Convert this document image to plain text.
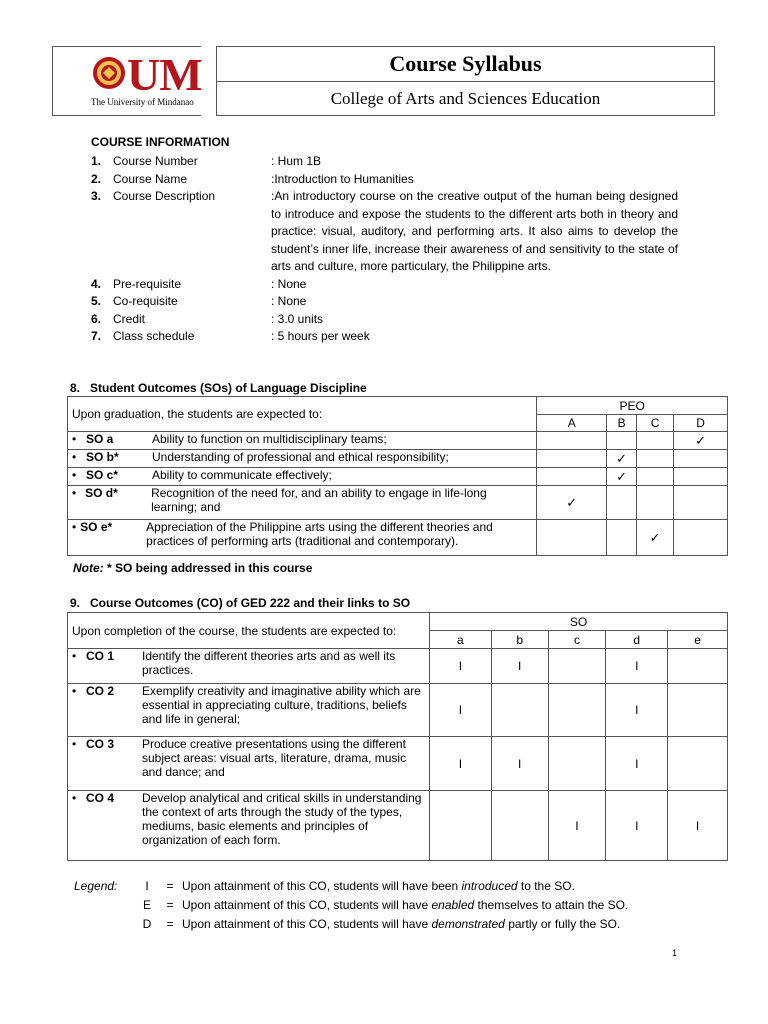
UM
The University of Mindanao
Course Syllabus
College of Arts and Sciences Education
COURSE INFORMATION
1. Course Number	: Hum 1B
2. Course Name	:Introduction to Humanities
3. Course Description	:An introductory course on the creative output of the human being designed to introduce and expose the students to the different arts both in theory and practice: visual, auditory, and performing arts. It also aims to develop the student’s inner life, increase their awareness of and sensitivity to the state of arts and culture, more particulary, the Philippine arts.
4. Pre-requisite	: None
5. Co-requisite	: None
6. Credit	: 3.0 units
7. Class schedule	: 5 hours per week
8.   Student Outcomes (SOs) of Language Discipline
Upon graduation, the students are expected to:	PEO			
	A	B	C	D

• SO a Ability to function on multidisciplinary teams;				✓

• SO b* Understanding of professional and ethical responsibility;		✓		

• SO c* Ability to communicate effectively;		✓		

• SO d* Recognition of the need for, and an ability to engage in life-long learning; and	✓			

• SO e* Appreciation of the Philippine arts using the different theories and practices of performing arts (traditional and contemporary).			✓	
Note: * SO being addressed in this course
9.   Course Outcomes (CO) of GED 222 and their links to SO
Upon completion of the course, the students are expected to:	SO				
	a	b	c	d	e

• CO 1 Identify the different theories arts and as well its practices.	I	I		I	

• CO 2 Exemplify creativity and imaginative ability which are essential in appreciating culture, traditions, beliefs and life in general;	I			I	

• CO 3 Produce creative presentations using the different subject areas: visual arts, literature, drama, music and dance; and	I	I		I	

• CO 4 Develop analytical and critical skills in understanding the context of arts through the study of the types, mediums, basic elements and principles of organization of each form.			I	I	I
Legend:	I	= Upon attainment of this CO, students will have been introduced to the SO.
E	= Upon attainment of this CO, students will have enabled themselves to attain the SO.
D	= Upon attainment of this CO, students will have demonstrated partly or fully the SO.
1
